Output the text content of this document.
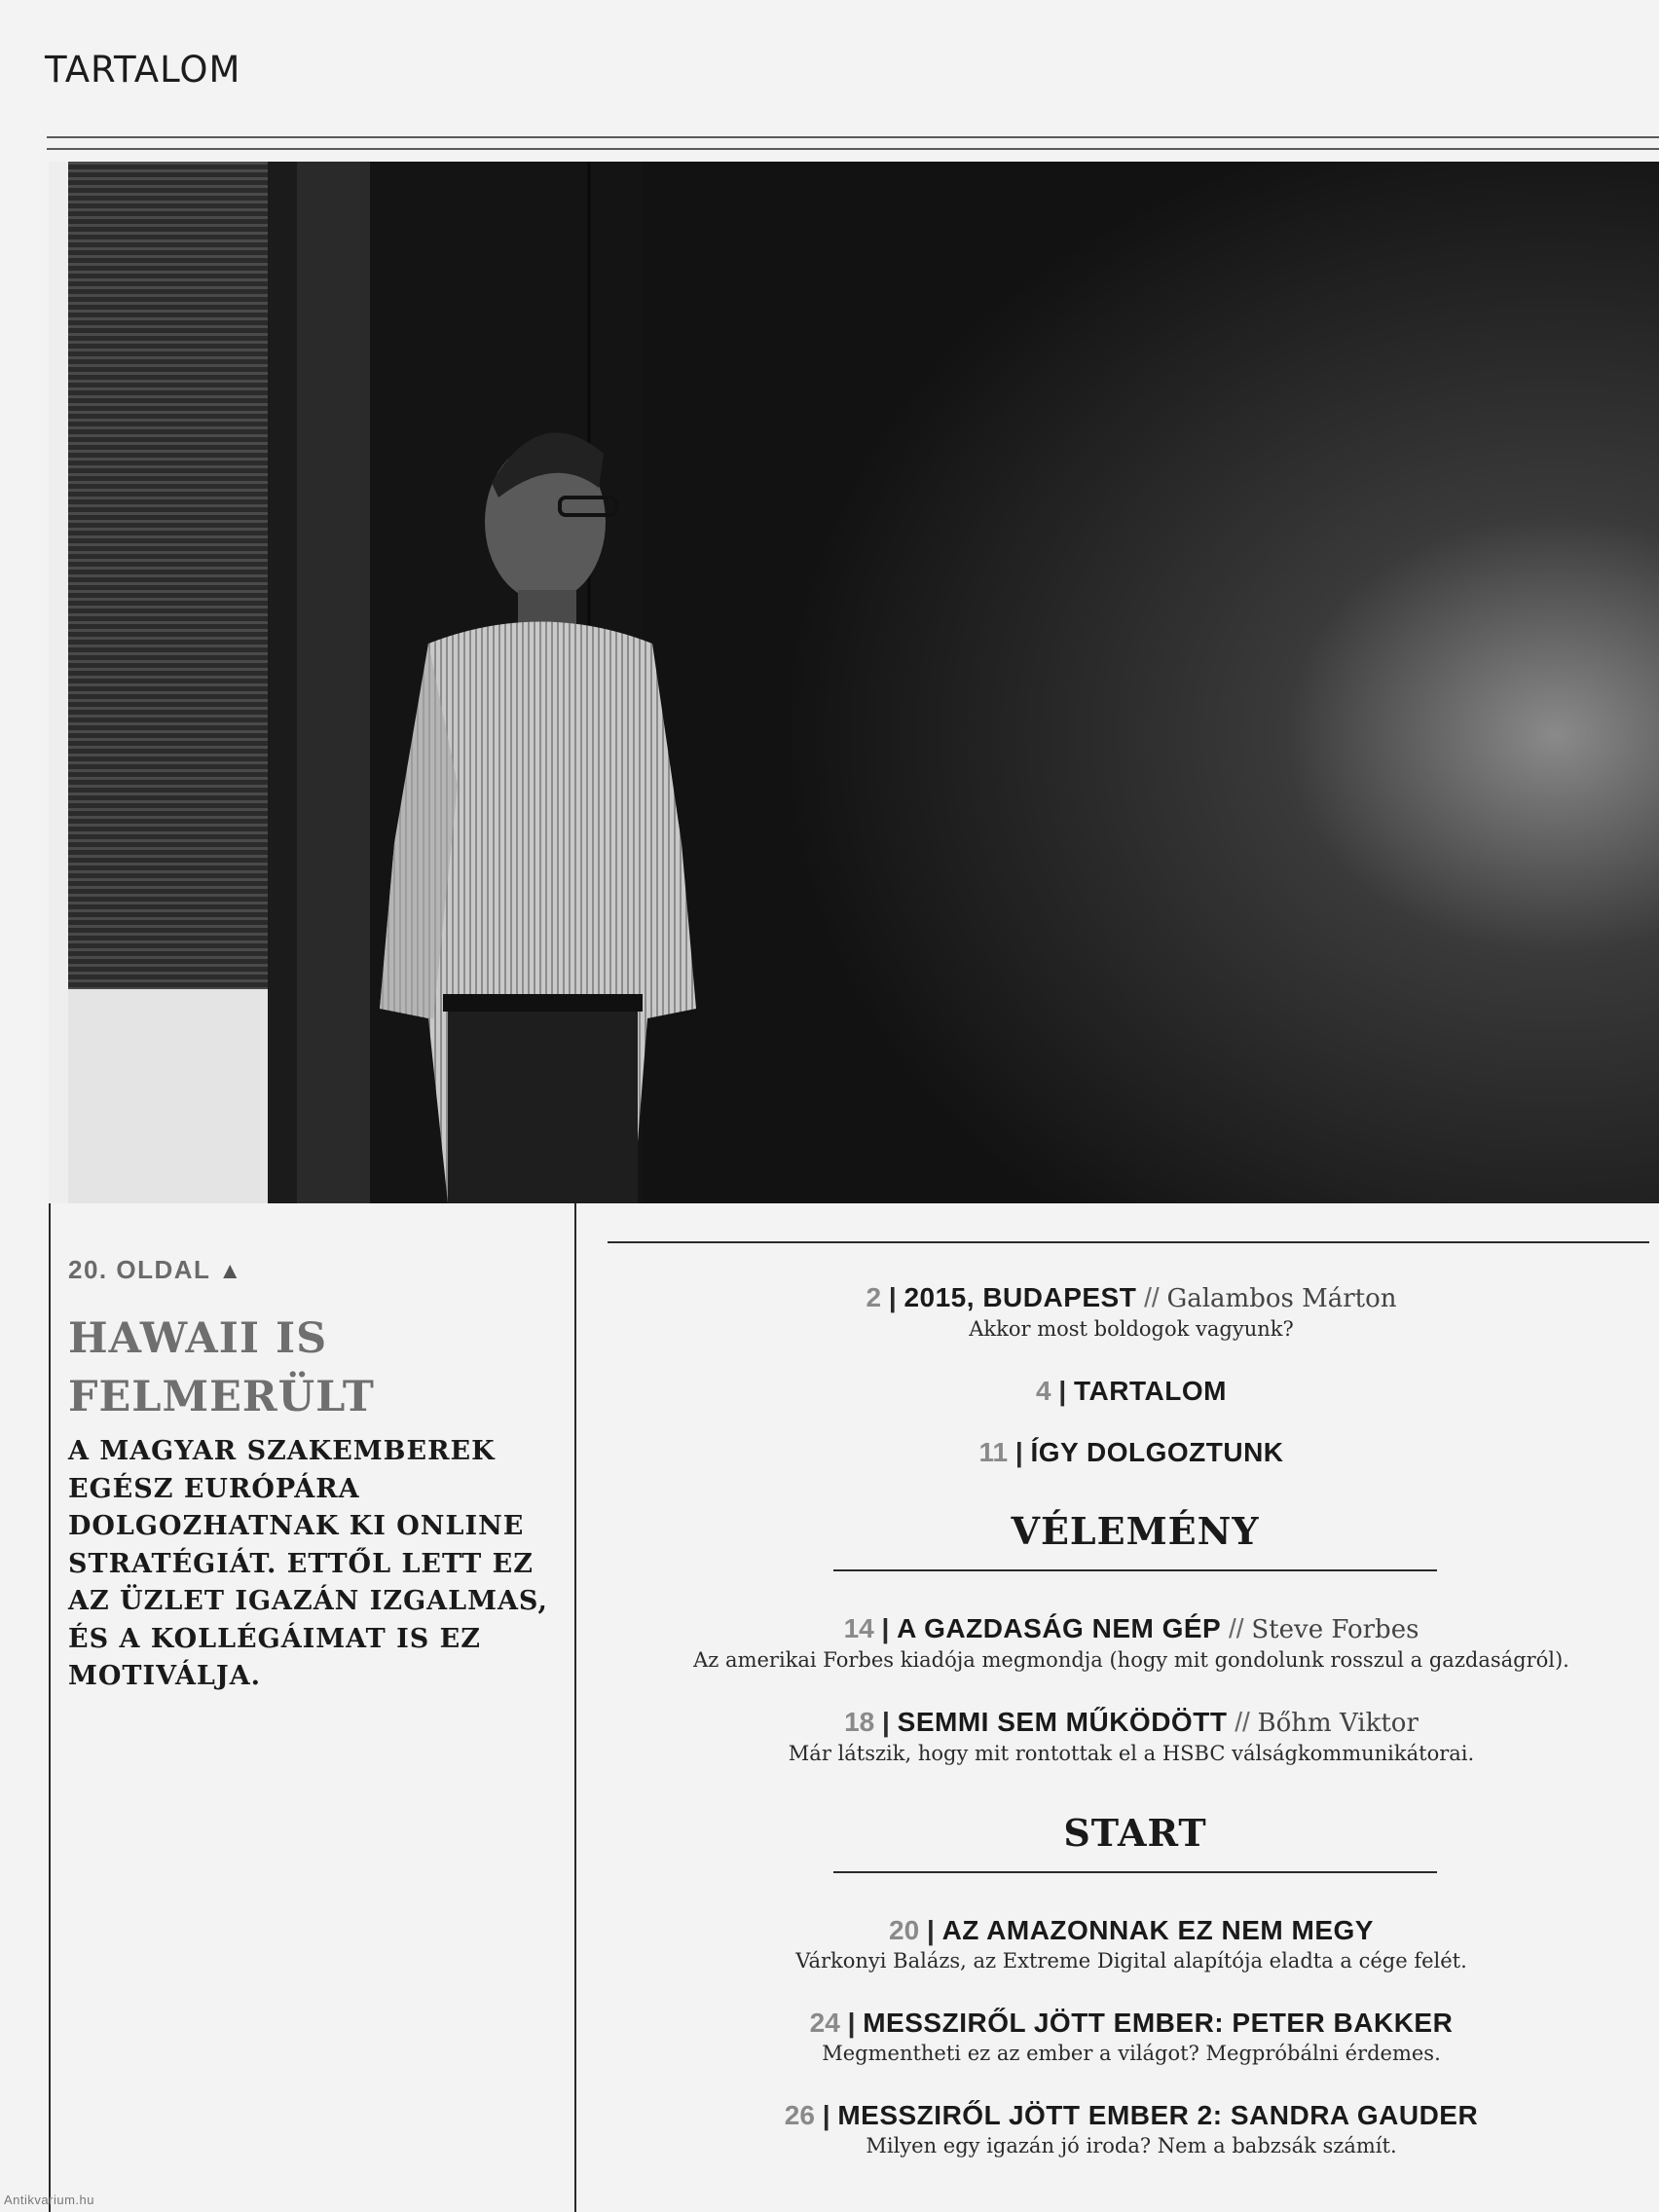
TARTALOM
20. OLDAL ▲
HAWAII IS FELMERÜLT

A MAGYAR SZAKEMBEREK EGÉSZ EURÓPÁRA DOLGOZHATNAK KI ONLINE STRATÉGIÁT. ETTŐL LETT EZ AZ ÜZLET IGAZÁN IZGALMAS, ÉS A KOLLÉGÁIMAT IS EZ MOTIVÁLJA.

2 | 2015, BUDAPEST // Galambos Márton
Akkor most boldogok vagyunk?
4 | TARTALOM
11 | ÍGY DOLGOZTUNK
VÉLEMÉNY
14 | A GAZDASÁG NEM GÉP // Steve Forbes
Az amerikai Forbes kiadója megmondja (hogy mit gondolunk rosszul a gazdaságról).
18 | SEMMI SEM MŰKÖDÖTT // Bőhm Viktor
Már látszik, hogy mit rontottak el a HSBC válságkommunikátorai.
START
20 | AZ AMAZONNAK EZ NEM MEGY
Várkonyi Balázs, az Extreme Digital alapítója eladta a cége felét.
24 | MESSZIRŐL JÖTT EMBER: PETER BAKKER
Megmentheti ez az ember a világot? Megpróbálni érdemes.
26 | MESSZIRŐL JÖTT EMBER 2: SANDRA GAUDER
Milyen egy igazán jó iroda? Nem a babzsák számít.
Antikvarium.hu
